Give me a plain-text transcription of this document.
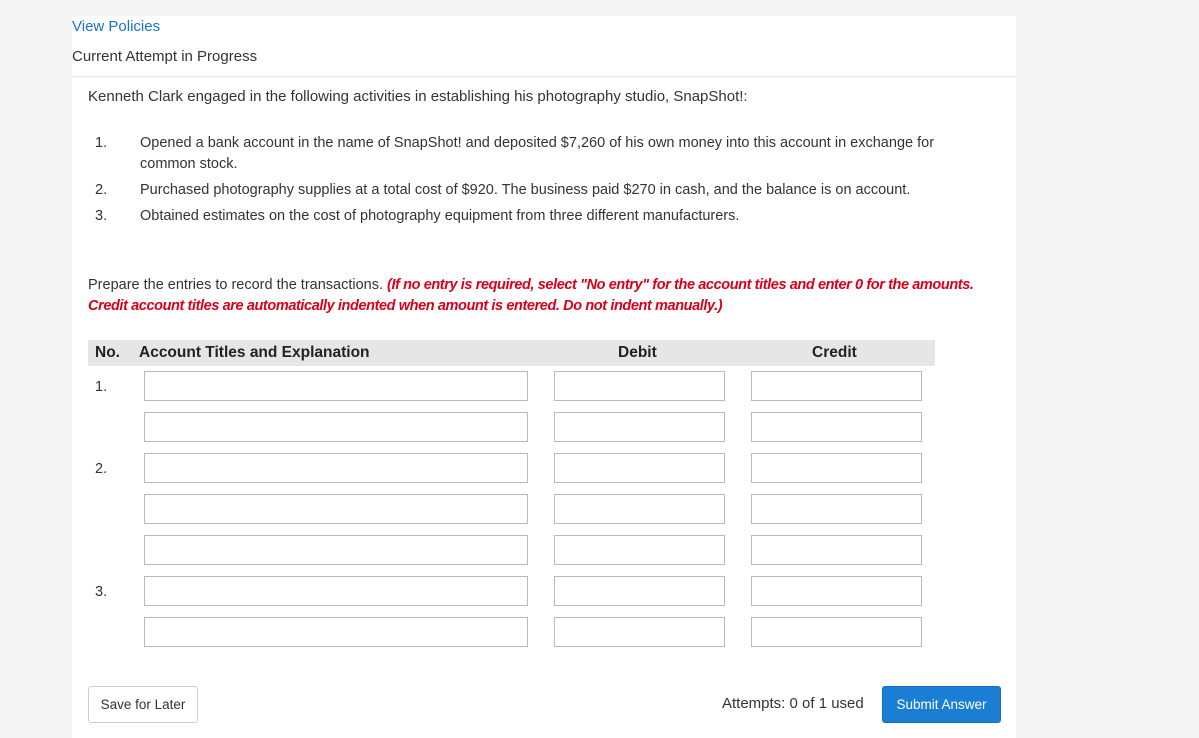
View Policies
Current Attempt in Progress
Kenneth Clark engaged in the following activities in establishing his photography studio, SnapShot!:
1.	Opened a bank account in the name of SnapShot! and deposited $7,260 of his own money into this account in exchange for common stock.
2.	Purchased photography supplies at a total cost of $920. The business paid $270 in cash, and the balance is on account.
3.	Obtained estimates on the cost of photography equipment from three different manufacturers.
Prepare the entries to record the transactions. (If no entry is required, select "No entry" for the account titles and enter 0 for the amounts. Credit account titles are automatically indented when amount is entered. Do not indent manually.)
No. Account Titles and Explanation	Debit	Credit
1.
2.
3.
Save for Later	Attempts: 0 of 1 used	Submit Answer
